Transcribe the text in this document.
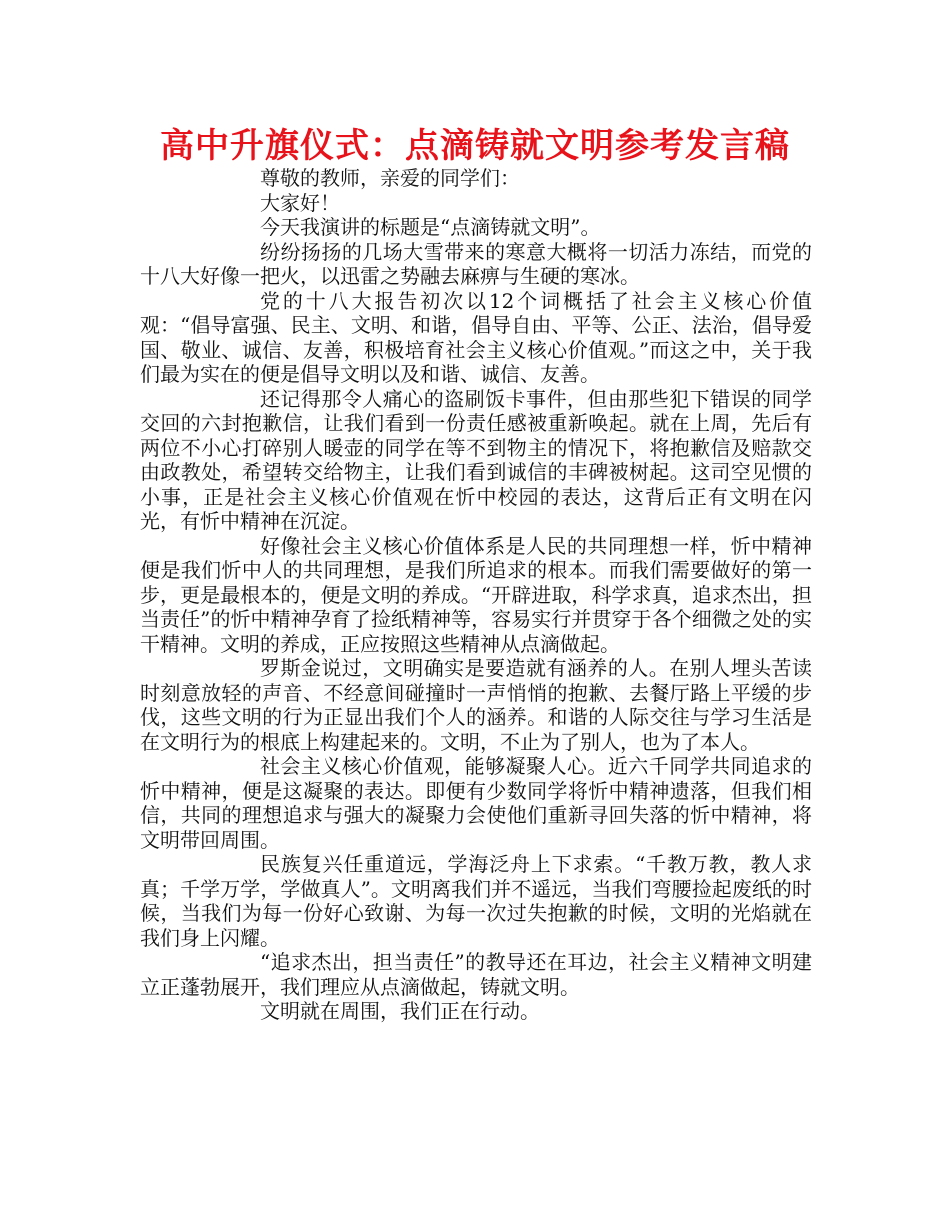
高中升旗仪式：点滴铸就文明参考发言稿

尊敬的教师，亲爱的同学们：

大家好！

今天我演讲的标题是“点滴铸就文明”。

纷纷扬扬的几场大雪带来的寒意大概将一切活力冻结，而党的十八大好像一把火，以迅雷之势融去麻痹与生硬的寒冰。

党的十八大报告初次以12个词概括了社会主义核心价值观：“倡导富强、民主、文明、和谐，倡导自由、平等、公正、法治，倡导爱国、敬业、诚信、友善，积极培育社会主义核心价值观。”而这之中，关于我们最为实在的便是倡导文明以及和谐、诚信、友善。

还记得那令人痛心的盗刷饭卡事件，但由那些犯下错误的同学交回的六封抱歉信，让我们看到一份责任感被重新唤起。就在上周，先后有两位不小心打碎别人暖壶的同学在等不到物主的情况下，将抱歉信及赔款交由政教处，希望转交给物主，让我们看到诚信的丰碑被树起。这司空见惯的小事，正是社会主义核心价值观在忻中校园的表达，这背后正有文明在闪光，有忻中精神在沉淀。

好像社会主义核心价值体系是人民的共同理想一样，忻中精神便是我们忻中人的共同理想，是我们所追求的根本。而我们需要做好的第一步，更是最根本的，便是文明的养成。“开辟进取，科学求真，追求杰出，担当责任”的忻中精神孕育了捡纸精神等，容易实行并贯穿于各个细微之处的实干精神。文明的养成，正应按照这些精神从点滴做起。

罗斯金说过，文明确实是要造就有涵养的人。在别人埋头苦读时刻意放轻的声音、不经意间碰撞时一声悄悄的抱歉、去餐厅路上平缓的步伐，这些文明的行为正显出我们个人的涵养。和谐的人际交往与学习生活是在文明行为的根底上构建起来的。文明，不止为了别人，也为了本人。

社会主义核心价值观，能够凝聚人心。近六千同学共同追求的忻中精神，便是这凝聚的表达。即便有少数同学将忻中精神遗落，但我们相信，共同的理想追求与强大的凝聚力会使他们重新寻回失落的忻中精神，将文明带回周围。

民族复兴任重道远，学海泛舟上下求索。“千教万教，教人求真；千学万学，学做真人”。文明离我们并不遥远，当我们弯腰捡起废纸的时候，当我们为每一份好心致谢、为每一次过失抱歉的时候，文明的光焰就在我们身上闪耀。

“追求杰出，担当责任”的教导还在耳边，社会主义精神文明建立正蓬勃展开，我们理应从点滴做起，铸就文明。

文明就在周围，我们正在行动。
